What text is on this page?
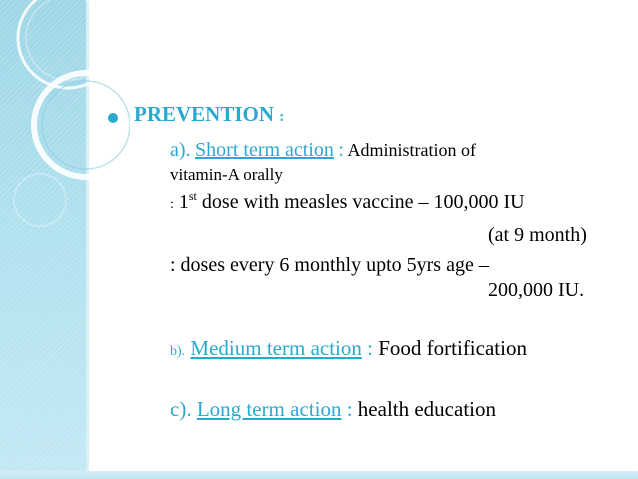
PREVENTION :
a). Short term action : Administration of
vitamin-A orally
: 1st dose with measles vaccine – 100,000 IU
(at 9 month)
: doses every 6 monthly upto 5yrs age –
200,000 IU.
b). Medium term action : Food fortification
c). Long term action : health education
